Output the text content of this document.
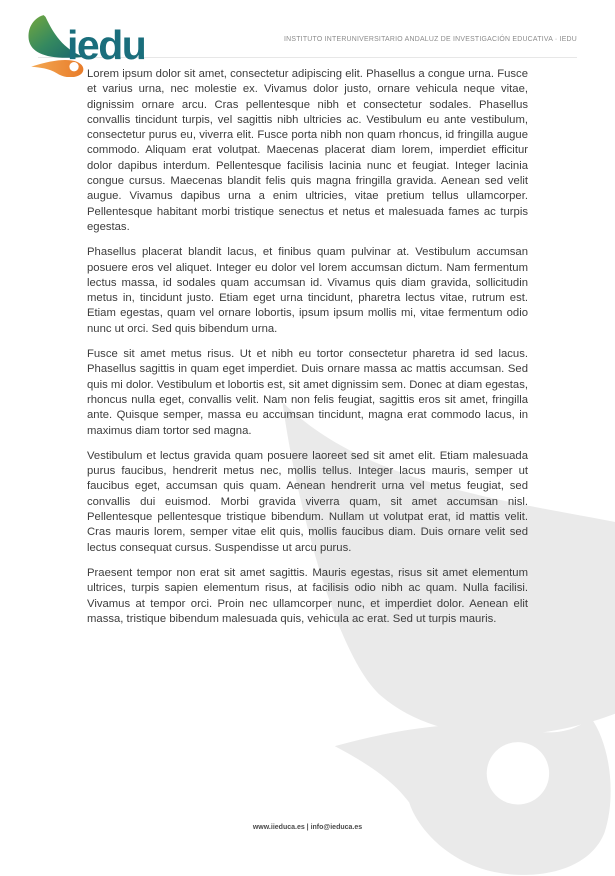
iedu	INSTITUTO INTERUNIVERSITARIO ANDALUZ DE INVESTIGACIÓN EDUCATIVA · IEDU

Lorem ipsum dolor sit amet, consectetur adipiscing elit. Phasellus a congue urna. Fusce et varius urna, nec molestie ex. Vivamus dolor justo, ornare vehicula neque vitae, dignissim ornare arcu. Cras pellentesque nibh et consectetur sodales. Phasellus convallis tincidunt turpis, vel sagittis nibh ultricies ac. Vestibulum eu ante vestibulum, consectetur purus eu, viverra elit. Fusce porta nibh non quam rhoncus, id fringilla augue commodo. Aliquam erat volutpat. Maecenas placerat diam lorem, imperdiet efficitur dolor dapibus interdum. Pellentesque facilisis lacinia nunc et feugiat. Integer lacinia congue cursus. Maecenas blandit felis quis magna fringilla gravida. Aenean sed velit augue. Vivamus dapibus urna a enim ultricies, vitae pretium tellus ullamcorper. Pellentesque habitant morbi tristique senectus et netus et malesuada fames ac turpis egestas.

Phasellus placerat blandit lacus, et finibus quam pulvinar at. Vestibulum accumsan posuere eros vel aliquet. Integer eu dolor vel lorem accumsan dictum. Nam fermentum lectus massa, id sodales quam accumsan id. Vivamus quis diam gravida, sollicitudin metus in, tincidunt justo. Etiam eget urna tincidunt, pharetra lectus vitae, rutrum est. Etiam egestas, quam vel ornare lobortis, ipsum ipsum mollis mi, vitae fermentum odio nunc ut orci. Sed quis bibendum urna.

Fusce sit amet metus risus. Ut et nibh eu tortor consectetur pharetra id sed lacus. Phasellus sagittis in quam eget imperdiet. Duis ornare massa ac mattis accumsan. Sed quis mi dolor. Vestibulum et lobortis est, sit amet dignissim sem. Donec at diam egestas, rhoncus nulla eget, convallis velit. Nam non felis feugiat, sagittis eros sit amet, fringilla ante. Quisque semper, massa eu accumsan tincidunt, magna erat commodo lacus, in maximus diam tortor sed magna.

Vestibulum et lectus gravida quam posuere laoreet sed sit amet elit. Etiam malesuada purus faucibus, hendrerit metus nec, mollis tellus. Integer lacus mauris, semper ut faucibus eget, accumsan quis quam. Aenean hendrerit urna vel metus feugiat, sed convallis dui euismod. Morbi gravida viverra quam, sit amet accumsan nisl. Pellentesque pellentesque tristique bibendum. Nullam ut volutpat erat, id mattis velit. Cras mauris lorem, semper vitae elit quis, mollis faucibus diam. Duis ornare velit sed lectus consequat cursus. Suspendisse ut arcu purus.

Praesent tempor non erat sit amet sagittis. Mauris egestas, risus sit amet elementum ultrices, turpis sapien elementum risus, at facilisis odio nibh ac quam. Nulla facilisi. Vivamus at tempor orci. Proin nec ullamcorper nunc, et imperdiet dolor. Aenean elit massa, tristique bibendum malesuada quis, vehicula ac erat. Sed ut turpis mauris.

www.iieduca.es | info@ieduca.es
